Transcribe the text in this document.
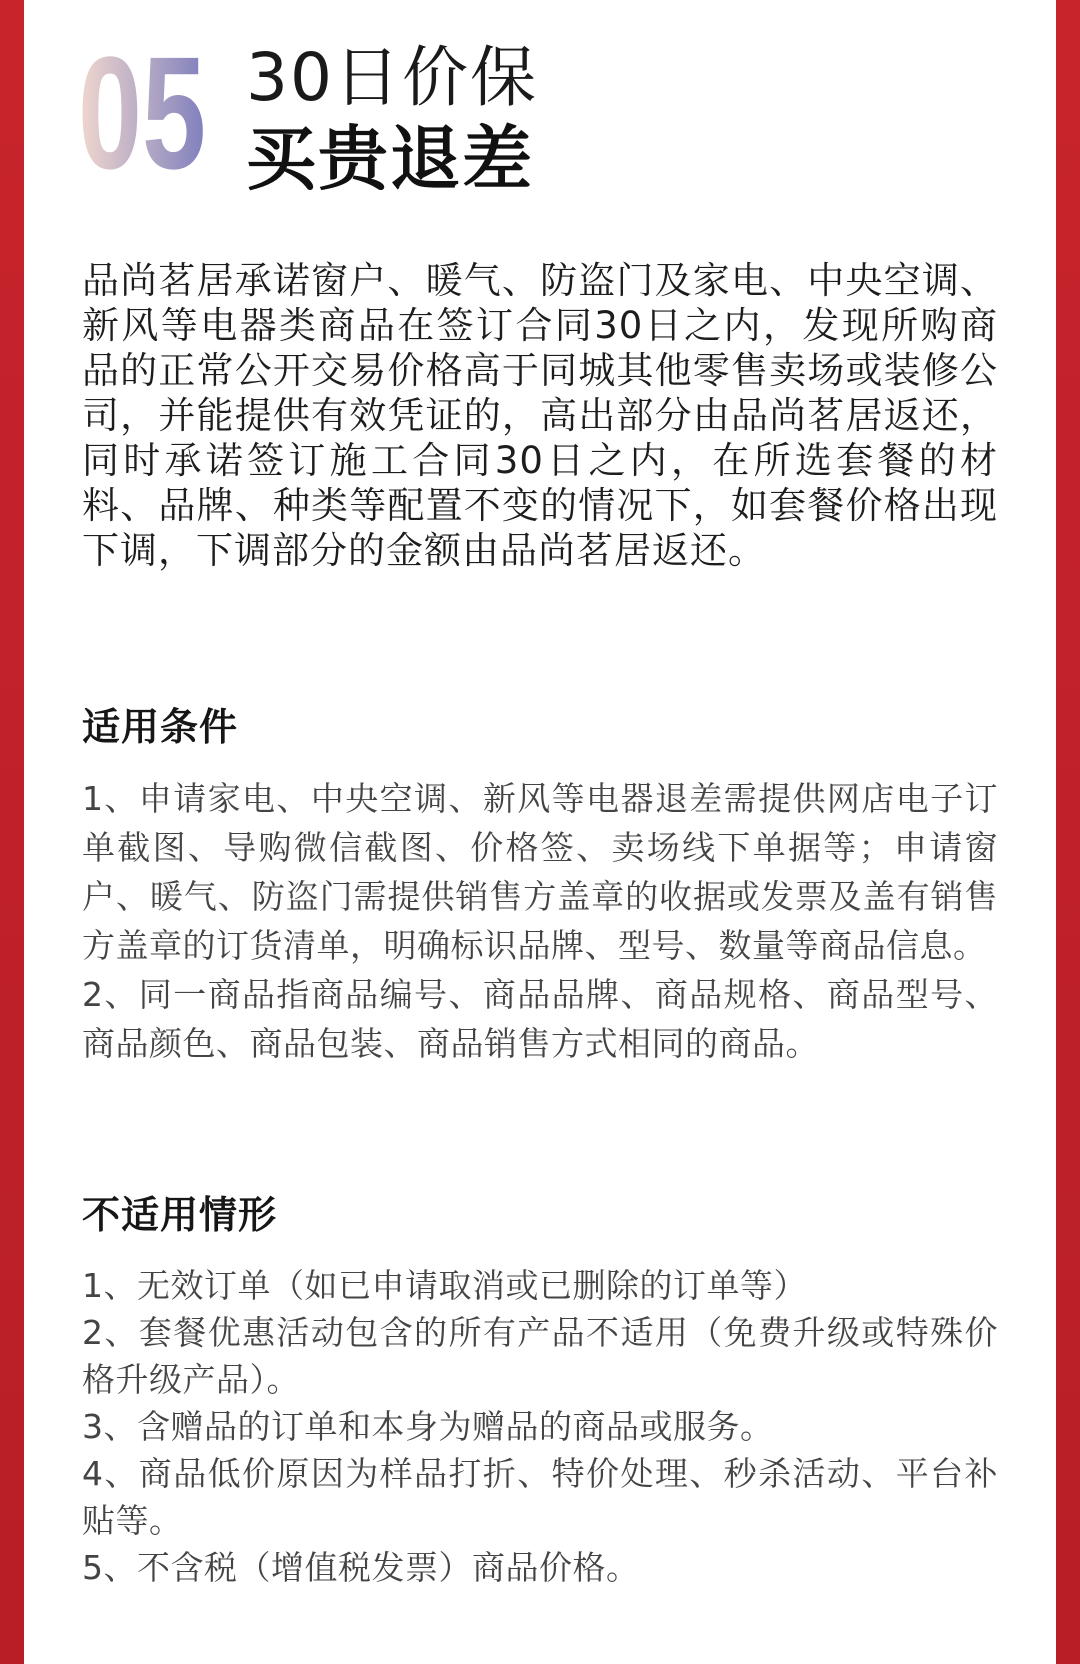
05 30日价保
买贵退差
品尚茗居承诺窗户、暖气、防盗门及家电、中央空调、新风等电器类商品在签订合同30日之内，发现所购商品的正常公开交易价格高于同城其他零售卖场或装修公司，并能提供有效凭证的，高出部分由品尚茗居返还，同时承诺签订施工合同30日之内，在所选套餐的材料、品牌、种类等配置不变的情况下，如套餐价格出现下调，下调部分的金额由品尚茗居返还。
适用条件
1、申请家电、中央空调、新风等电器退差需提供网店电子订单截图、导购微信截图、价格签、卖场线下单据等；申请窗户、暖气、防盗门需提供销售方盖章的收据或发票及盖有销售方盖章的订货清单，明确标识品牌、型号、数量等商品信息。
2、同一商品指商品编号、商品品牌、商品规格、商品型号、商品颜色、商品包装、商品销售方式相同的商品。
不适用情形
1、无效订单（如已申请取消或已删除的订单等）
2、套餐优惠活动包含的所有产品不适用（免费升级或特殊价格升级产品）。
3、含赠品的订单和本身为赠品的商品或服务。
4、商品低价原因为样品打折、特价处理、秒杀活动、平台补贴等。
5、不含税（增值税发票）商品价格。
